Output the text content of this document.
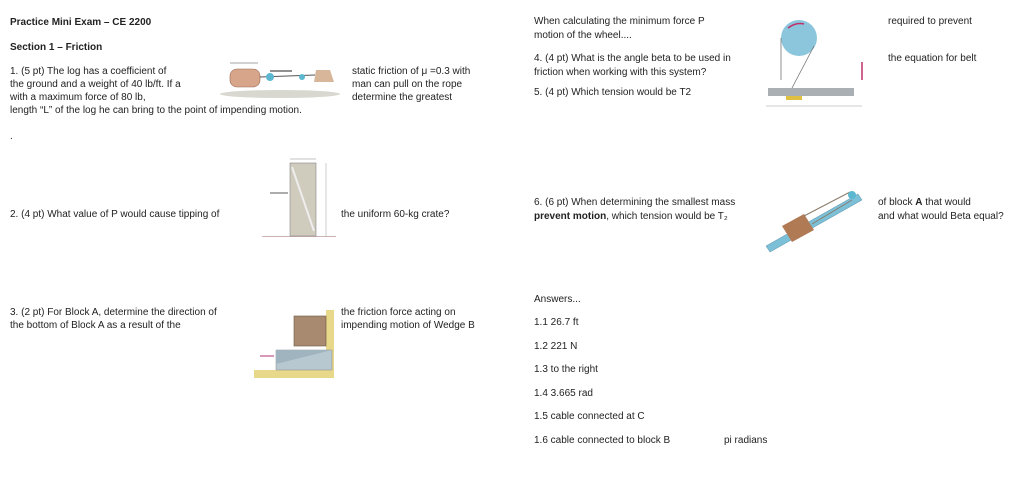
Practice Mini Exam – CE 2200
Section 1 – Friction
1. (5 pt) The log has a coefficient of
the ground and a weight of 40 lb/ft. If a
with a maximum force of 80 lb,
static friction of μ =0.3 with
man can pull on the rope
determine the greatest
length “L” of the log he can bring to the point of impending motion.
.
2. (4 pt) What value of P would cause tipping of	the uniform 60-kg crate?
3. (2 pt) For Block A, determine the direction of
the bottom of Block A as a result of the
the friction force acting on
impending motion of Wedge B
When calculating the minimum force P
motion of the wheel....
required to prevent
4. (4 pt) What is the angle beta to be used in
friction when working with this system?
the equation for belt
5. (4 pt) Which tension would be T2
6. (6 pt) When determining the smallest mass
prevent motion, which tension would be T₂
of block A that would
and what would Beta equal?
Answers...
1.1 26.7 ft
1.2 221 N
1.3 to the right
1.4 3.665 rad
1.5 cable connected at C
1.6 cable connected to block B	pi radians
